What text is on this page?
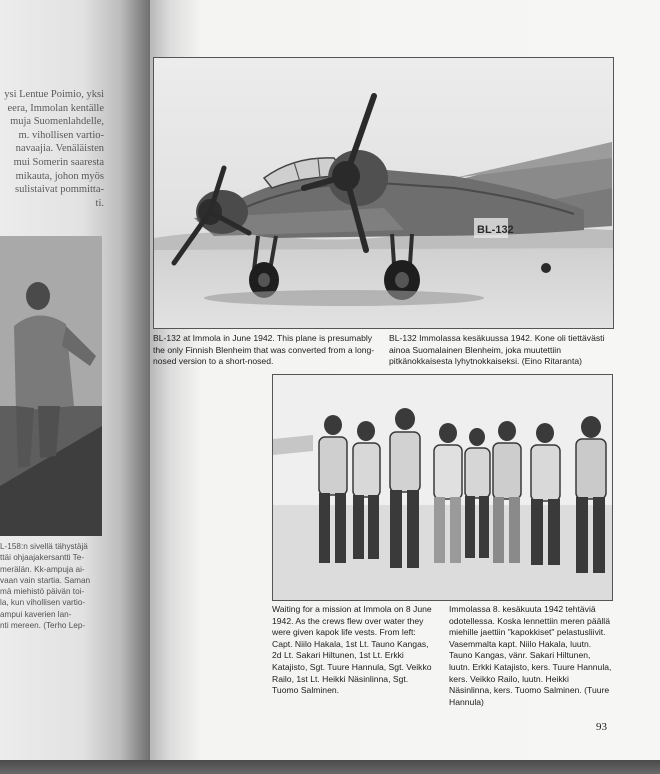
ysi Lentue Poimio, yksi
eera, Immolan kentälle
muja Suomenlahdelle,
m. vihollisen vartio-
navaajia. Venäläisten
mui Somerin saaresta
mikauta, johon myös
sulistaivat pommitta-
ti.
L-158:n sivellä tähystäjä
ttäi ohjaajakersantti Te-
merälän. Kk-ampuja ai-
vaan vain startia. Saman
mä miehistö päivän toi-
la, kun vihollisen vartio-
ampui kaverien lan-
nti mereen. (Terho Lep-
BL-132
BL-132 at Immola in June 1942. This plane is presumably the only Finnish Blenheim that was converted from a long-nosed version to a short-nosed.
BL-132 Immolassa kesäkuussa 1942. Kone oli tiettävästi ainoa Suomalainen Blenheim, joka muutettiin pitkänokkaisesta lyhytnokkaiseksi. (Eino Ritaranta)
Waiting for a mission at Immola on 8 June 1942. As the crews flew over water they were given kapok life vests. From left: Capt. Niilo Hakala, 1st Lt. Tauno Kangas, 2d Lt. Sakari Hiltunen, 1st Lt. Erkki Katajisto, Sgt. Tuure Hannula, Sgt. Veikko Railo, 1st Lt. Heikki Näsinlinna, Sgt. Tuomo Salminen.
Immolassa 8. kesäkuuta 1942 tehtäviä odotellessa. Koska lennettiin meren päällä miehille jaettiin "kapokkiset" pelastusliivit. Vasemmalta kapt. Niilo Hakala, luutn. Tauno Kangas, vänr. Sakari Hiltunen, luutn. Erkki Katajisto, kers. Tuure Hannula, kers. Veikko Railo, luutn. Heikki Näsinlinna, kers. Tuomo Salminen. (Tuure Hannula)
93
